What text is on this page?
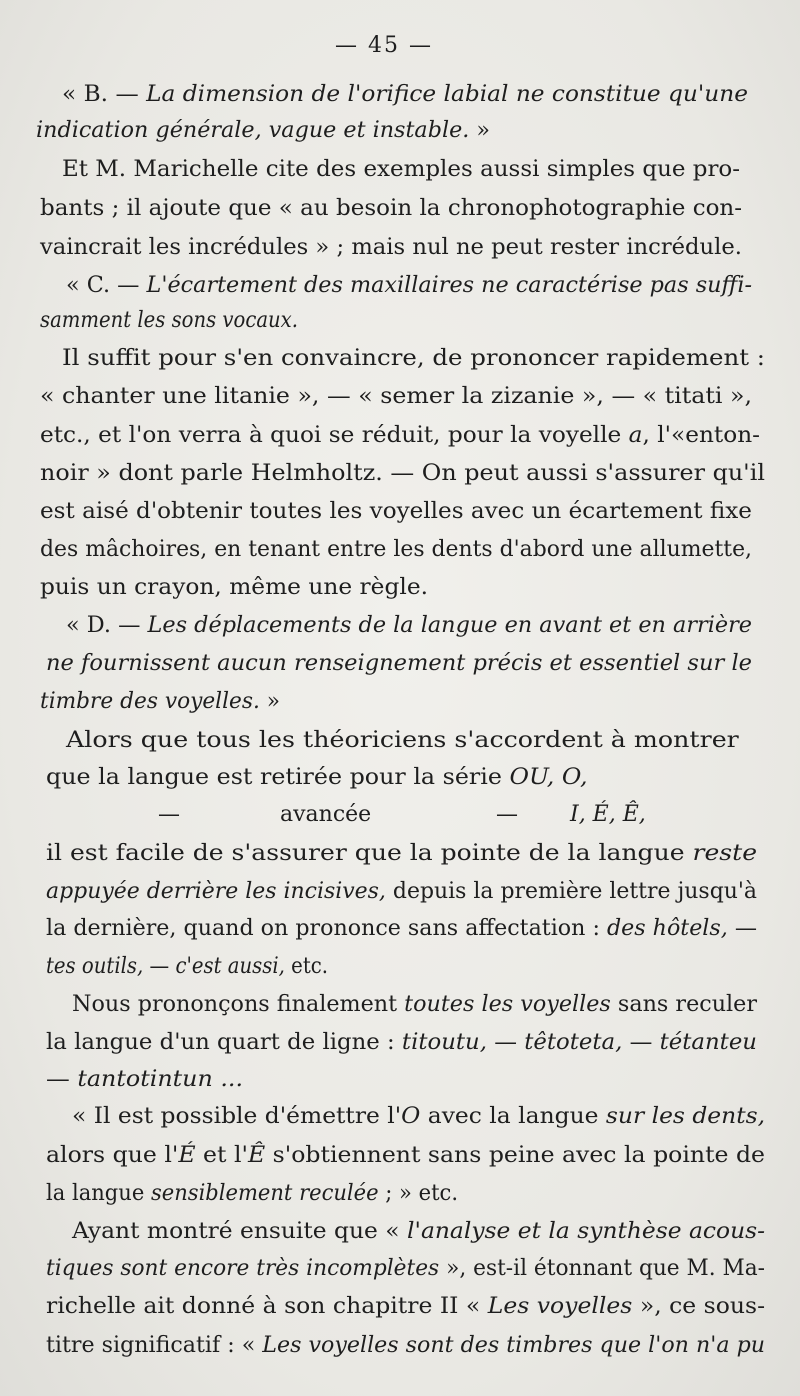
— 45 —
« B. — La dimension de l'orifice labial ne constitue qu'une
indication générale, vague et instable. »
Et M. Marichelle cite des exemples aussi simples que pro-
bants ; il ajoute que « au besoin la chronophotographie con-
vaincrait les incrédules » ; mais nul ne peut rester incrédule.
« C. — L'écartement des maxillaires ne caractérise pas suffi-
samment les sons vocaux.
Il suffit pour s'en convaincre, de prononcer rapidement :
« chanter une litanie », — « semer la zizanie », — « titati »,
etc., et l'on verra à quoi se réduit, pour la voyelle a, l'«enton-
noir » dont parle Helmholtz. — On peut aussi s'assurer qu'il
est aisé d'obtenir toutes les voyelles avec un écartement fixe
des mâchoires, en tenant entre les dents d'abord une allumette,
puis un crayon, même une règle.
« D. — Les déplacements de la langue en avant et en arrière
ne fournissent aucun renseignement précis et essentiel sur le
timbre des voyelles. »
Alors que tous les théoriciens s'accordent à montrer
que la langue est retirée pour la série OU, O,
—	avancée	— I, É, Ê,
il est facile de s'assurer que la pointe de la langue reste
appuyée derrière les incisives, depuis la première lettre jusqu'à
la dernière, quand on prononce sans affectation : des hôtels, —
tes outils, — c'est aussi, etc.
Nous prononçons finalement toutes les voyelles sans reculer
la langue d'un quart de ligne : titoutu, — têtoteta, — tétanteu
— tantotintun ...
« Il est possible d'émettre l'O avec la langue sur les dents,
alors que l'É et l'Ê s'obtiennent sans peine avec la pointe de
la langue sensiblement reculée ; » etc.
Ayant montré ensuite que « l'analyse et la synthèse acous-
tiques sont encore très incomplètes », est-il étonnant que M. Ma-
richelle ait donné à son chapitre II « Les voyelles », ce sous-
titre significatif : « Les voyelles sont des timbres que l'on n'a pu
